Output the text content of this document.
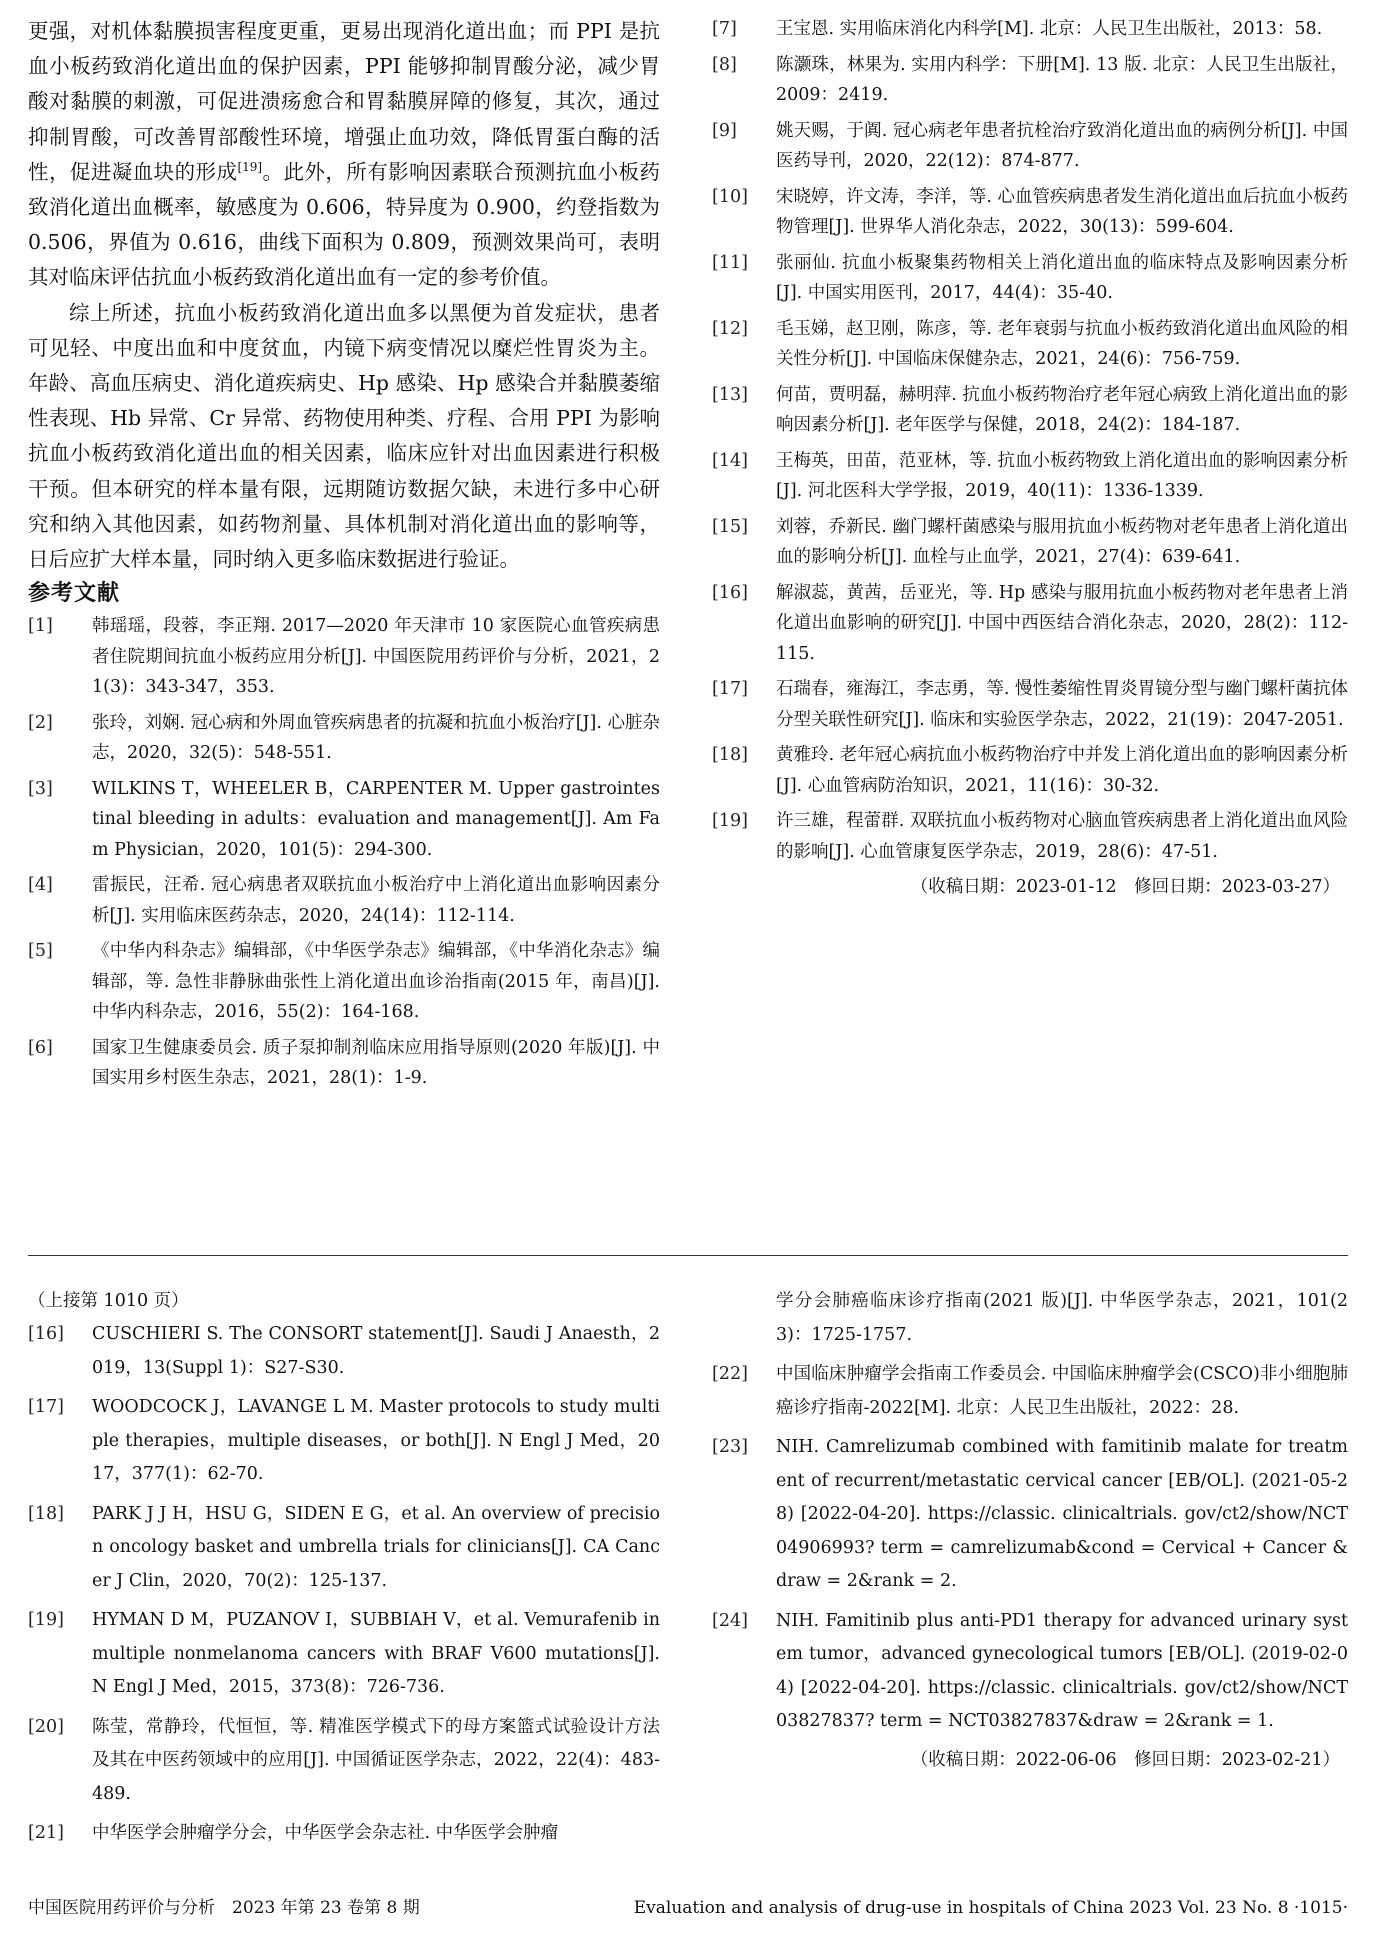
更强，对机体黏膜损害程度更重，更易出现消化道出血；而 PPI 是抗血小板药致消化道出血的保护因素，PPI 能够抑制胃酸分泌，减少胃酸对黏膜的刺激，可促进溃疡愈合和胃黏膜屏障的修复，其次，通过抑制胃酸，可改善胃部酸性环境，增强止血功效，降低胃蛋白酶的活性，促进凝血块的形成[19]。此外，所有影响因素联合预测抗血小板药致消化道出血概率，敏感度为 0.606，特异度为 0.900，约登指数为 0.506，界值为 0.616，曲线下面积为 0.809，预测效果尚可，表明其对临床评估抗血小板药致消化道出血有一定的参考价值。

综上所述，抗血小板药致消化道出血多以黑便为首发症状，患者可见轻、中度出血和中度贫血，内镜下病变情况以糜烂性胃炎为主。年龄、高血压病史、消化道疾病史、Hp 感染、Hp 感染合并黏膜萎缩性表现、Hb 异常、Cr 异常、药物使用种类、疗程、合用 PPI 为影响抗血小板药致消化道出血的相关因素，临床应针对出血因素进行积极干预。但本研究的样本量有限，远期随访数据欠缺，未进行多中心研究和纳入其他因素，如药物剂量、具体机制对消化道出血的影响等，日后应扩大样本量，同时纳入更多临床数据进行验证。

参考文献

[1]	韩瑶瑶，段蓉，李正翔. 2017—2020 年天津市 10 家医院心血管疾病患者住院期间抗血小板药应用分析[J]. 中国医院用药评价与分析，2021，21(3)：343-347，353.
[2]	张玲，刘娴. 冠心病和外周血管疾病患者的抗凝和抗血小板治疗[J]. 心脏杂志，2020，32(5)：548-551.
[3]	WILKINS T，WHEELER B，CARPENTER M. Upper gastrointestinal bleeding in adults：evaluation and management[J]. Am Fam Physician，2020，101(5)：294-300.
[4]	雷振民，汪希. 冠心病患者双联抗血小板治疗中上消化道出血影响因素分析[J]. 实用临床医药杂志，2020，24(14)：112-114.
[5]	《中华内科杂志》编辑部，《中华医学杂志》编辑部，《中华消化杂志》编辑部，等. 急性非静脉曲张性上消化道出血诊治指南(2015 年，南昌)[J]. 中华内科杂志，2016，55(2)：164-168.
[6]	国家卫生健康委员会. 质子泵抑制剂临床应用指导原则(2020 年版)[J]. 中国实用乡村医生杂志，2021，28(1)：1-9.
[7]	王宝恩. 实用临床消化内科学[M]. 北京：人民卫生出版社，2013：58.
[8]	陈灏珠，林果为. 实用内科学：下册[M]. 13 版. 北京：人民卫生出版社，2009：2419.
[9]	姚天赐，于阗. 冠心病老年患者抗栓治疗致消化道出血的病例分析[J]. 中国医药导刊，2020，22(12)：874-877.
[10]	宋晓婷，许文涛，李洋，等. 心血管疾病患者发生消化道出血后抗血小板药物管理[J]. 世界华人消化杂志，2022，30(13)：599-604.
[11]	张丽仙. 抗血小板聚集药物相关上消化道出血的临床特点及影响因素分析[J]. 中国实用医刊，2017，44(4)：35-40.
[12]	毛玉娣，赵卫刚，陈彦，等. 老年衰弱与抗血小板药致消化道出血风险的相关性分析[J]. 中国临床保健杂志，2021，24(6)：756-759.
[13]	何苗，贾明磊，赫明萍. 抗血小板药物治疗老年冠心病致上消化道出血的影响因素分析[J]. 老年医学与保健，2018，24(2)：184-187.
[14]	王梅英，田苗，范亚林，等. 抗血小板药物致上消化道出血的影响因素分析[J]. 河北医科大学学报，2019，40(11)：1336-1339.
[15]	刘蓉，乔新民. 幽门螺杆菌感染与服用抗血小板药物对老年患者上消化道出血的影响分析[J]. 血栓与止血学，2021，27(4)：639-641.
[16]	解淑蕊，黄茜，岳亚光，等. Hp 感染与服用抗血小板药物对老年患者上消化道出血影响的研究[J]. 中国中西医结合消化杂志，2020，28(2)：112-115.
[17]	石瑞春，雍海江，李志勇，等. 慢性萎缩性胃炎胃镜分型与幽门螺杆菌抗体分型关联性研究[J]. 临床和实验医学杂志，2022，21(19)：2047-2051.
[18]	黄雅玲. 老年冠心病抗血小板药物治疗中并发上消化道出血的影响因素分析[J]. 心血管病防治知识，2021，11(16)：30-32.
[19]	许三雄，程蕾群. 双联抗血小板药物对心脑血管疾病患者上消化道出血风险的影响[J]. 心血管康复医学杂志，2019，28(6)：47-51.
（收稿日期：2023-01-12　修回日期：2023-03-27）
（上接第 1010 页）
[16]	CUSCHIERI S. The CONSORT statement[J]. Saudi J Anaesth，2019，13(Suppl 1)：S27-S30.
[17]	WOODCOCK J，LAVANGE L M. Master protocols to study multiple therapies，multiple diseases，or both[J]. N Engl J Med，2017，377(1)：62-70.
[18]	PARK J J H，HSU G，SIDEN E G，et al. An overview of precision oncology basket and umbrella trials for clinicians[J]. CA Cancer J Clin，2020，70(2)：125-137.
[19]	HYMAN D M，PUZANOV I，SUBBIAH V，et al. Vemurafenib in multiple nonmelanoma cancers with BRAF V600 mutations[J]. N Engl J Med，2015，373(8)：726-736.
[20]	陈莹，常静玲，代恒恒，等. 精准医学模式下的母方案篮式试验设计方法及其在中医药领域中的应用[J]. 中国循证医学杂志，2022，22(4)：483-489.
[21]	中华医学会肿瘤学分会，中华医学会杂志社. 中华医学会肿瘤

学分会肺癌临床诊疗指南(2021 版)[J]. 中华医学杂志，2021，101(23)：1725-1757.
[22]	中国临床肿瘤学会指南工作委员会. 中国临床肿瘤学会(CSCO)非小细胞肺癌诊疗指南-2022[M]. 北京：人民卫生出版社，2022：28.
[23]	NIH. Camrelizumab combined with famitinib malate for treatment of recurrent/metastatic cervical cancer [EB/OL]. (2021-05-28) [2022-04-20]. https://classic. clinicaltrials. gov/ct2/show/NCT04906993? term = camrelizumab&cond = Cervical + Cancer &draw = 2&rank = 2.
[24]	NIH. Famitinib plus anti-PD1 therapy for advanced urinary system tumor，advanced gynecological tumors [EB/OL]. (2019-02-04) [2022-04-20]. https://classic. clinicaltrials. gov/ct2/show/NCT03827837? term = NCT03827837&draw = 2&rank = 1.
（收稿日期：2022-06-06　修回日期：2023-02-21）
中国医院用药评价与分析　2023 年第 23 卷第 8 期	Evaluation and analysis of drug-use in hospitals of China 2023 Vol. 23 No. 8 ·1015·
